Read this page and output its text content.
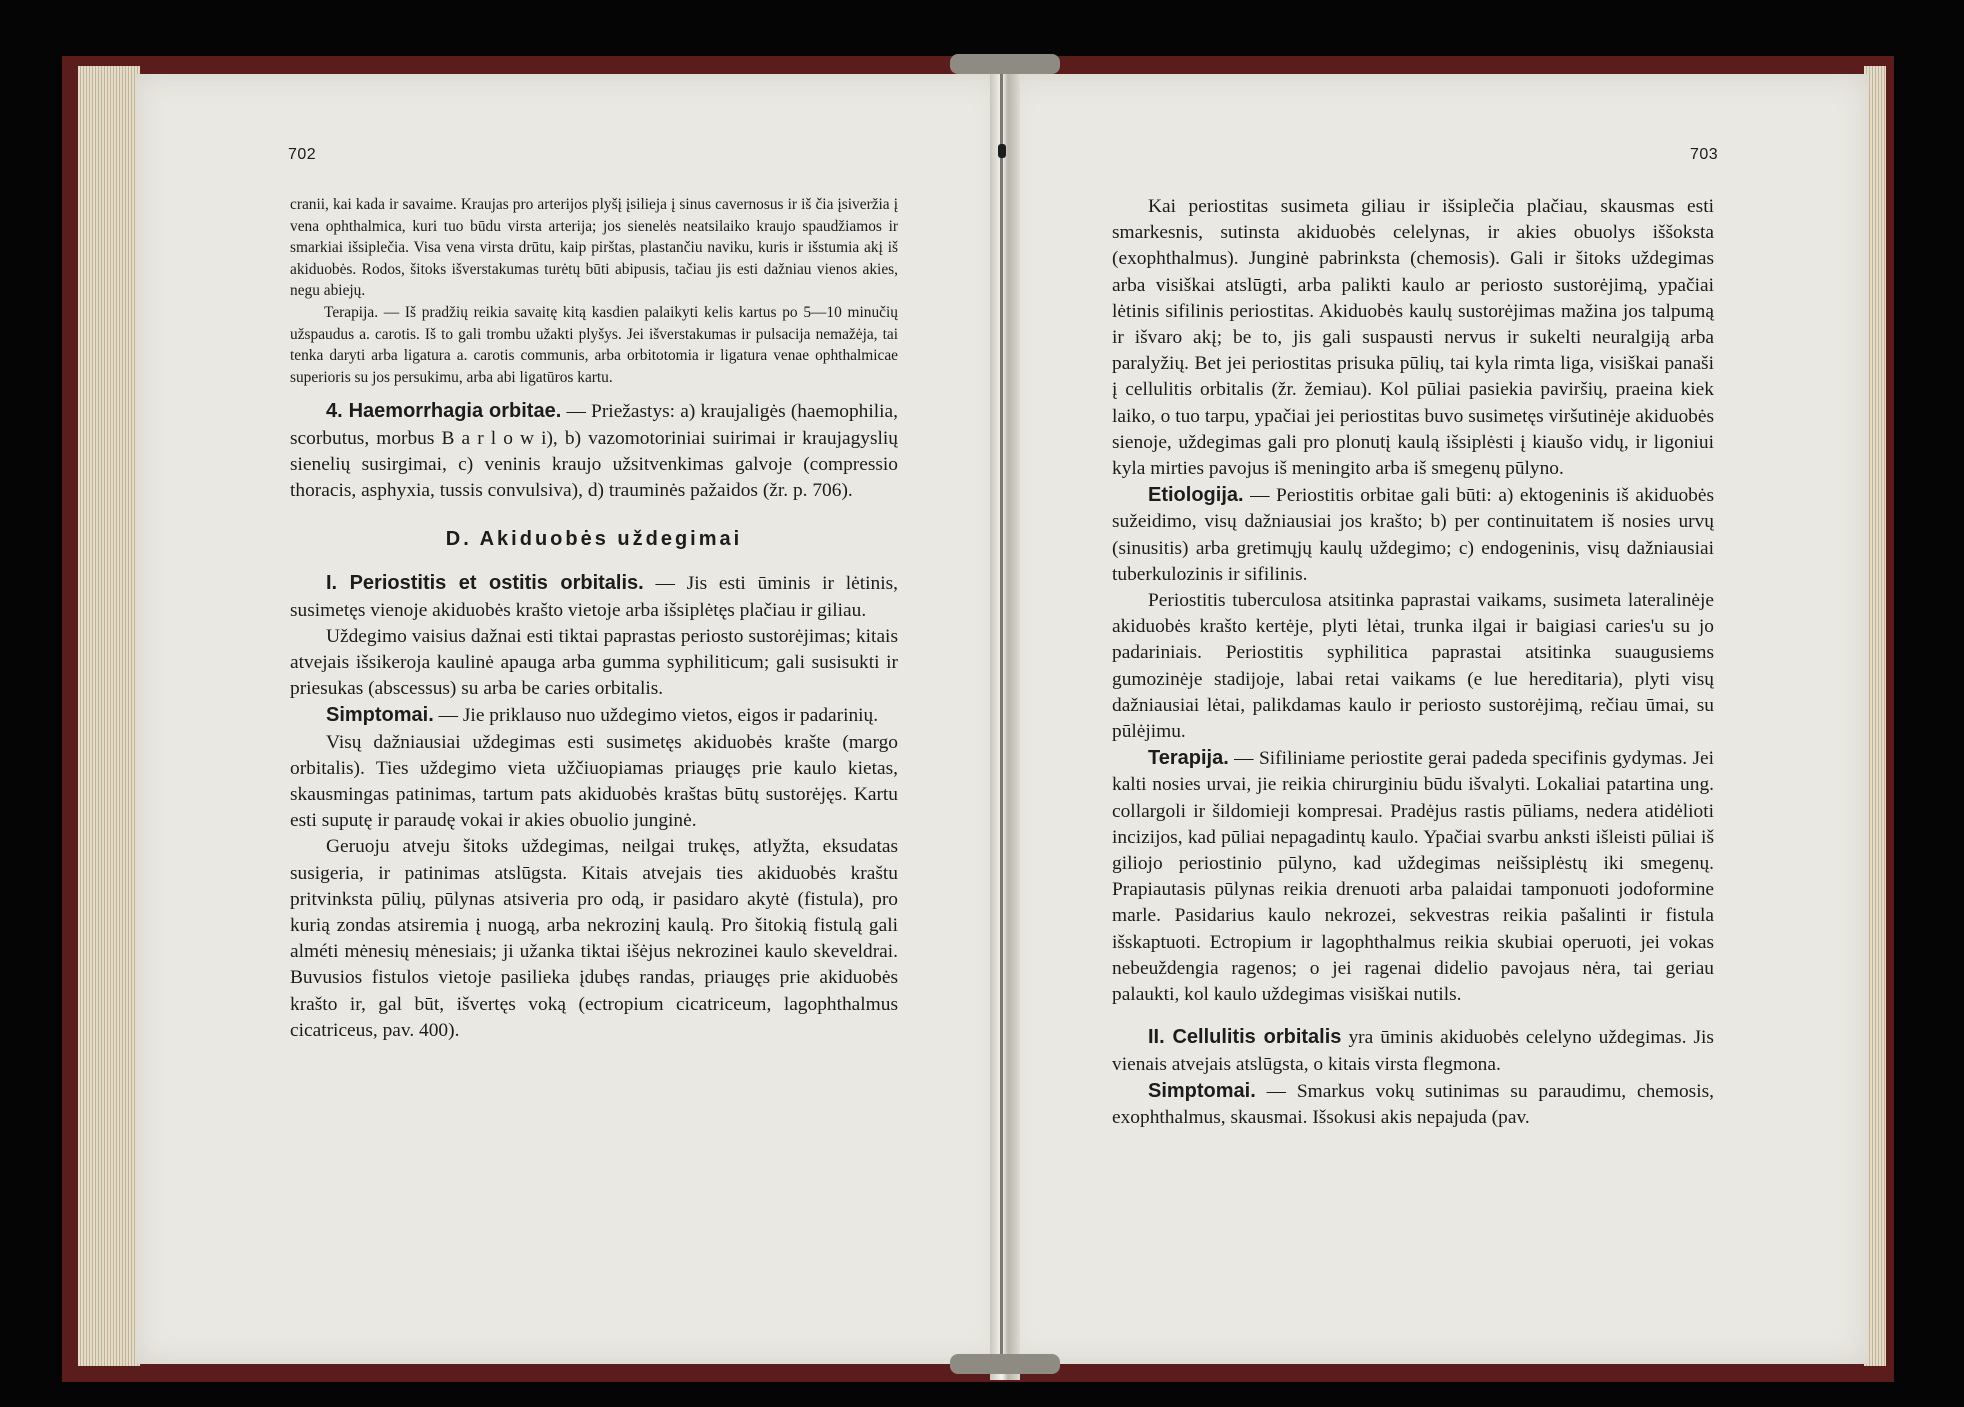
702	703

cranii, kai kada ir savaime. Kraujas pro arterijos plyšį įsilieja į sinus cavernosus ir iš čia įsiveržia į vena ophthalmica, kuri tuo būdu virsta arterija; jos sienelės neatsilaiko kraujo spaudžiamos ir smarkiai išsiplečia. Visa vena virsta drūtu, kaip pirštas, plastančiu naviku, kuris ir išstumia akį iš akiduobės. Rodos, šitoks išverstakumas turėtų būti abipusis, tačiau jis esti dažniau vienos akies, negu abiejų.

Terapija. — Iš pradžių reikia savaitę kitą kasdien palaikyti kelis kartus po 5—10 minučių užspaudus a. carotis. Iš to gali trombu užakti plyšys. Jei išverstakumas ir pulsacija nemažėja, tai tenka daryti arba ligatura a. carotis communis, arba orbitotomia ir ligatura venae ophthalmicae superioris su jos persukimu, arba abi ligatūros kartu.

4. Haemorrhagia orbitae. — Priežastys: a) kraujaligės (haemophilia, scorbutus, morbus B a r l o w i), b) vazomotoriniai suirimai ir kraujagyslių sienelių susirgimai, c) veninis kraujo užsitvenkimas galvoje (compressio thoracis, asphyxia, tussis convulsiva), d) trauminės pažaidos (žr. p. 706).

D. Akiduobės uždegimai

I. Periostitis et ostitis orbitalis. — Jis esti ūminis ir lėtinis, susimetęs vienoje akiduobės krašto vietoje arba išsiplėtęs plačiau ir giliau.

Uždegimo vaisius dažnai esti tiktai paprastas periosto sustorėjimas; kitais atvejais išsikeroja kaulinė apauga arba gumma syphiliticum; gali susisukti ir priesukas (abscessus) su arba be caries orbitalis.

Simptomai. — Jie priklauso nuo uždegimo vietos, eigos ir padarinių.

Visų dažniausiai uždegimas esti susimetęs akiduobės krašte (margo orbitalis). Ties uždegimo vieta užčiuopiamas priaugęs prie kaulo kietas, skausmingas patinimas, tartum pats akiduobės kraštas būtų sustorėjęs. Kartu esti suputę ir paraudę vokai ir akies obuolio junginė.

Geruoju atveju šitoks uždegimas, neilgai trukęs, atlyžta, eksudatas susigeria, ir patinimas atslūgsta. Kitais atvejais ties akiduobės kraštu pritvinksta pūlių, pūlynas atsiveria pro odą, ir pasidaro akytė (fistula), pro kurią zondas atsiremia į nuogą, arba nekrozinį kaulą. Pro šitokią fistulą gali alméti mėnesių mėnesiais; ji užanka tiktai išėjus nekrozinei kaulo skeveldrai. Buvusios fistulos vietoje pasilieka įdubęs randas, priaugęs prie akiduobės krašto ir, gal būt, išvertęs voką (ectropium cicatriceum, lagophthalmus cicatriceus, pav. 400).

Kai periostitas susimeta giliau ir išsiplečia plačiau, skausmas esti smarkesnis, sutinsta akiduobės celelynas, ir akies obuolys iššoksta (exophthalmus). Junginė pabrinksta (chemosis). Gali ir šitoks uždegimas arba visiškai atslūgti, arba palikti kaulo ar periosto sustorėjimą, ypačiai lėtinis sifilinis periostitas. Akiduobės kaulų sustorėjimas mažina jos talpumą ir išvaro akį; be to, jis gali suspausti nervus ir sukelti neuralgiją arba paralyžių. Bet jei periostitas prisuka pūlių, tai kyla rimta liga, visiškai panaši į cellulitis orbitalis (žr. žemiau). Kol pūliai pasiekia paviršių, praeina kiek laiko, o tuo tarpu, ypačiai jei periostitas buvo susimetęs viršutinėje akiduobės sienoje, uždegimas gali pro plonutį kaulą išsiplėsti į kiaušo vidų, ir ligoniui kyla mirties pavojus iš meningito arba iš smegenų pūlyno.

Etiologija. — Periostitis orbitae gali būti: a) ektogeninis iš akiduobės sužeidimo, visų dažniausiai jos krašto; b) per continuitatem iš nosies urvų (sinusitis) arba gretimųjų kaulų uždegimo; c) endogeninis, visų dažniausiai tuberkulozinis ir sifilinis.

Periostitis tuberculosa atsitinka paprastai vaikams, susimeta lateralinėje akiduobės krašto kertėje, plyti lėtai, trunka ilgai ir baigiasi caries'u su jo padariniais. Periostitis syphilitica paprastai atsitinka suaugusiems gumozinėje stadijoje, labai retai vaikams (e lue hereditaria), plyti visų dažniausiai lėtai, palikdamas kaulo ir periosto sustorėjimą, rečiau ūmai, su pūlėjimu.

Terapija. — Sifiliniame periostite gerai padeda specifinis gydymas. Jei kalti nosies urvai, jie reikia chirurginiu būdu išvalyti. Lokaliai patartina ung. collargoli ir šildomieji kompresai. Pradėjus rastis pūliams, nedera atidėlioti incizijos, kad pūliai nepagadintų kaulo. Ypačiai svarbu anksti išleisti pūliai iš giliojo periostinio pūlyno, kad uždegimas neišsiplėstų iki smegenų. Prapiautasis pūlynas reikia drenuoti arba palaidai tamponuoti jodoformine marle. Pasidarius kaulo nekrozei, sekvestras reikia pašalinti ir fistula išskaptuoti. Ectropium ir lagophthalmus reikia skubiai operuoti, jei vokas nebeuždengia ragenos; o jei ragenai didelio pavojaus nėra, tai geriau palaukti, kol kaulo uždegimas visiškai nutils.

II. Cellulitis orbitalis yra ūminis akiduobės celelyno uždegimas. Jis vienais atvejais atslūgsta, o kitais virsta flegmona.

Simptomai. — Smarkus vokų sutinimas su paraudimu, chemosis, exophthalmus, skausmai. Išsokusi akis nepajuda (pav.
